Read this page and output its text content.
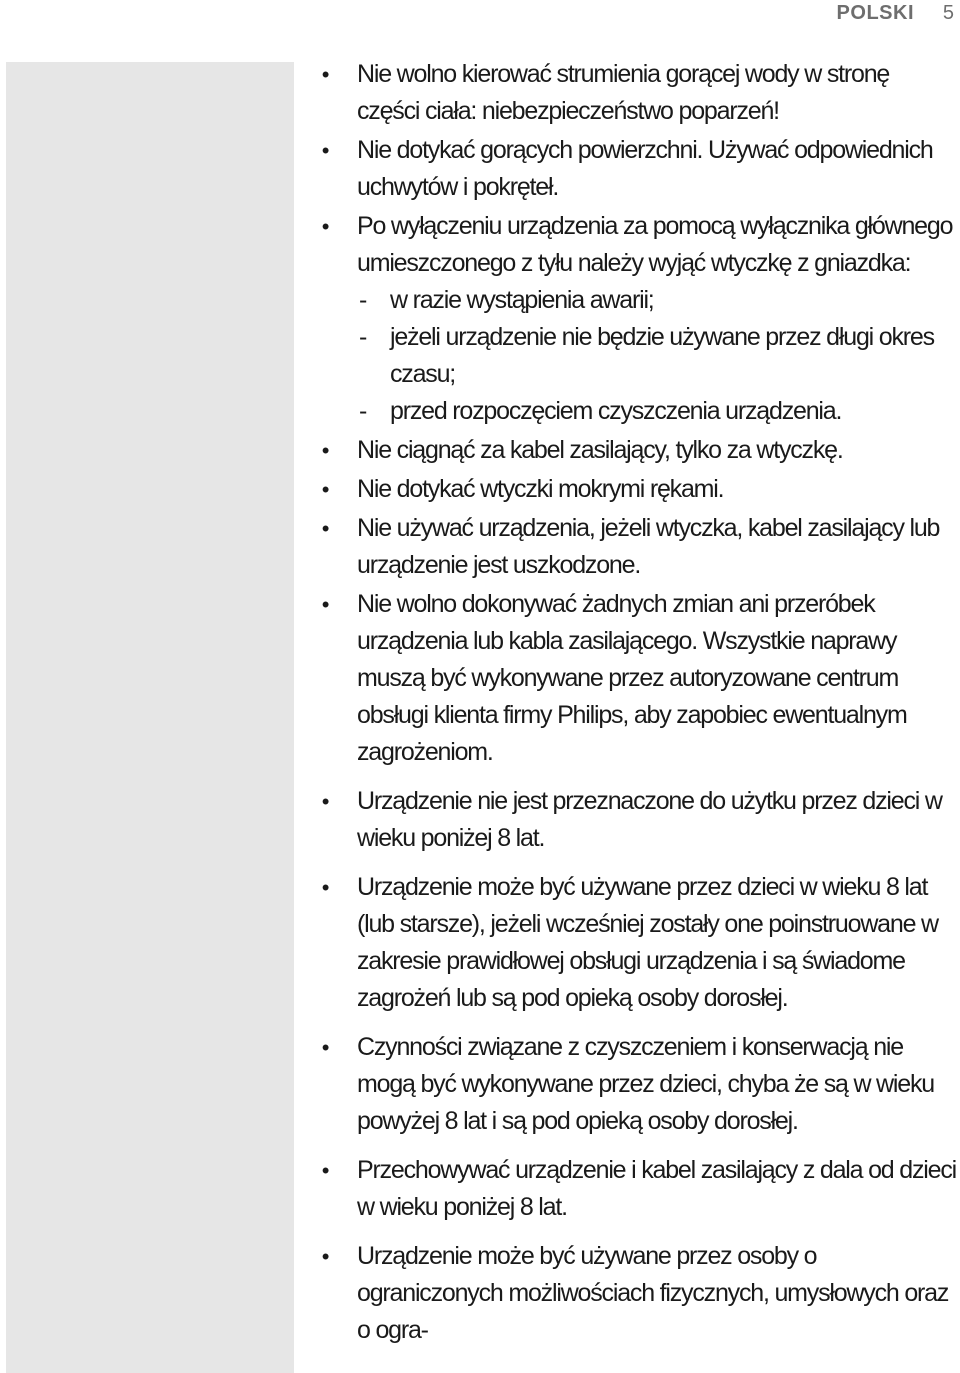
POLSKI 5
• Nie wolno kierować strumienia gorącej wody w stronę części ciała: niebezpieczeństwo poparzeń!
• Nie dotykać gorących powierzchni. Używać odpowiednich uchwytów i pokręteł.
• Po wyłączeniu urządzenia za pomocą wyłącznika głównego umieszczonego z tyłu należy wyjąć wtyczkę z gniazdka:
- w razie wystąpienia awarii;
- jeżeli urządzenie nie będzie używane przez długi okres czasu;
- przed rozpoczęciem czyszczenia urządzenia.
• Nie ciągnąć za kabel zasilający, tylko za wtyczkę.
• Nie dotykać wtyczki mokrymi rękami.
• Nie używać urządzenia, jeżeli wtyczka, kabel zasilający lub urządzenie jest uszkodzone.
• Nie wolno dokonywać żadnych zmian ani przeróbek urządzenia lub kabla zasilającego. Wszystkie naprawy muszą być wykonywane przez autoryzowane centrum obsługi klienta firmy Philips, aby zapobiec ewentualnym zagrożeniom.
• Urządzenie nie jest przeznaczone do użytku przez dzieci w wieku poniżej 8 lat.
• Urządzenie może być używane przez dzieci w wieku 8 lat (lub starsze), jeżeli wcześniej zostały one poinstruowane w zakresie prawidłowej obsługi urządzenia i są świadome zagrożeń lub są pod opieką osoby dorosłej.
• Czynności związane z czyszczeniem i konserwacją nie mogą być wykonywane przez dzieci, chyba że są w wieku powyżej 8 lat i są pod opieką osoby dorosłej.
• Przechowywać urządzenie i kabel zasilający z dala od dzieci w wieku poniżej 8 lat.
• Urządzenie może być używane przez osoby o ograniczonych możliwościach fizycznych, umysłowych oraz o ogra-
